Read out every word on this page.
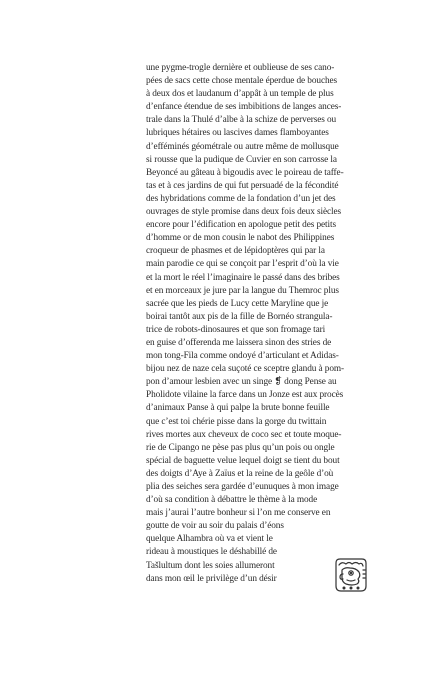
une pygme-trogle dernière et oublieuse de ses cano-
pées de sacs cette chose mentale éperdue de bouches
à deux dos et laudanum d’appât à un temple de plus
d’enfance étendue de ses imbibitions de langes ances-
trale dans la Thulé d’albe à la schize de perverses ou
lubriques hétaires ou lascives dames flamboyantes
d’efféminés géométrale ou autre même de mollusque
si rousse que la pudique de Cuvier en son carrosse la
Beyoncé au gâteau à bigoudis avec le poireau de taffe-
tas et à ces jardins de qui fut persuadé de la fécondité
des hybridations comme de la fondation d’un jet des
ouvrages de style promise dans deux fois deux siècles
encore pour l’édification en apologue petit des petits
d’homme or de mon cousin le nabot des Philippines
croqueur de phasmes et de lépidoptères qui par la
main parodie ce qui se conçoit par l’esprit d’où la vie
et la mort le réel l’imaginaire le passé dans des bribes
et en morceaux je jure par la langue du Themroc plus
sacrée que les pieds de Lucy cette Maryline que je
boirai tantôt aux pis de la fille de Bornéo strangula-
trice de robots-dinosaures et que son fromage tari
en guise d’offerenda me laissera sinon des stries de
mon tong-Fila comme ondoyé d’articulant et Adidas-
bijou nez de naze cela suçoté ce sceptre glandu à pom-
pon d’amour lesbien avec un singe ❡ dong Pense au
Pholidote vilaine la farce dans un Jonze est aux procès
d’animaux Panse à qui palpe la brute bonne feuille
que c’est toi chérie pisse dans la gorge du twittain
rives mortes aux cheveux de coco sec et toute moque-
rie de Cipango ne pèse pas plus qu’un pois ou ongle
spécial de baguette velue lequel doigt se tient du bout
des doigts d’Aye à Zaïus et la reine de la geôle d’où
plia des seiches sera gardée d’eunuques à mon image
d’où sa condition à débattre le thème à la mode
mais j’aurai l’autre bonheur si l’on me conserve en
goutte de voir au soir du palais d’éons
quelque Alhambra où va et vient le
rideau à moustiques le déshabillé de
Tašlultum dont les soies allumeront
dans mon œil le privilège d’un désir
